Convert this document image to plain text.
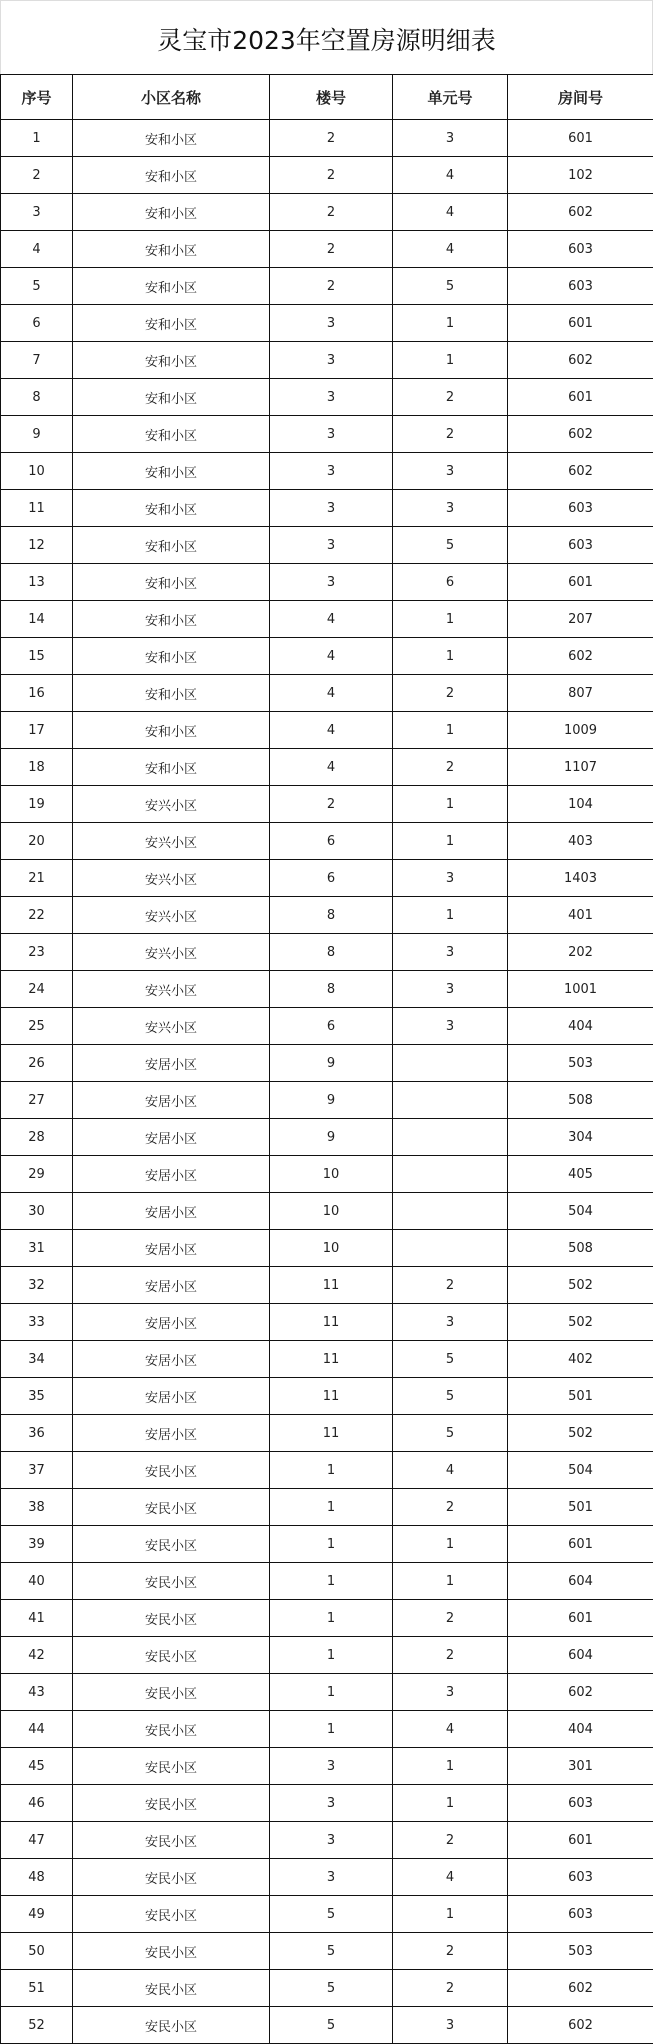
灵宝市2023年空置房源明细表
序号	小区名称	楼号	单元号	房间号
1	安和小区	2	3	601
2	安和小区	2	4	102
3	安和小区	2	4	602
4	安和小区	2	4	603
5	安和小区	2	5	603
6	安和小区	3	1	601
7	安和小区	3	1	602
8	安和小区	3	2	601
9	安和小区	3	2	602
10	安和小区	3	3	602
11	安和小区	3	3	603
12	安和小区	3	5	603
13	安和小区	3	6	601
14	安和小区	4	1	207
15	安和小区	4	1	602
16	安和小区	4	2	807
17	安和小区	4	1	1009
18	安和小区	4	2	1107
19	安兴小区	2	1	104
20	安兴小区	6	1	403
21	安兴小区	6	3	1403
22	安兴小区	8	1	401
23	安兴小区	8	3	202
24	安兴小区	8	3	1001
25	安兴小区	6	3	404
26	安居小区	9		503
27	安居小区	9		508
28	安居小区	9		304
29	安居小区	10		405
30	安居小区	10		504
31	安居小区	10		508
32	安居小区	11	2	502
33	安居小区	11	3	502
34	安居小区	11	5	402
35	安居小区	11	5	501
36	安居小区	11	5	502
37	安民小区	1	4	504
38	安民小区	1	2	501
39	安民小区	1	1	601
40	安民小区	1	1	604
41	安民小区	1	2	601
42	安民小区	1	2	604
43	安民小区	1	3	602
44	安民小区	1	4	404
45	安民小区	3	1	301
46	安民小区	3	1	603
47	安民小区	3	2	601
48	安民小区	3	4	603
49	安民小区	5	1	603
50	安民小区	5	2	503
51	安民小区	5	2	602
52	安民小区	5	3	602
